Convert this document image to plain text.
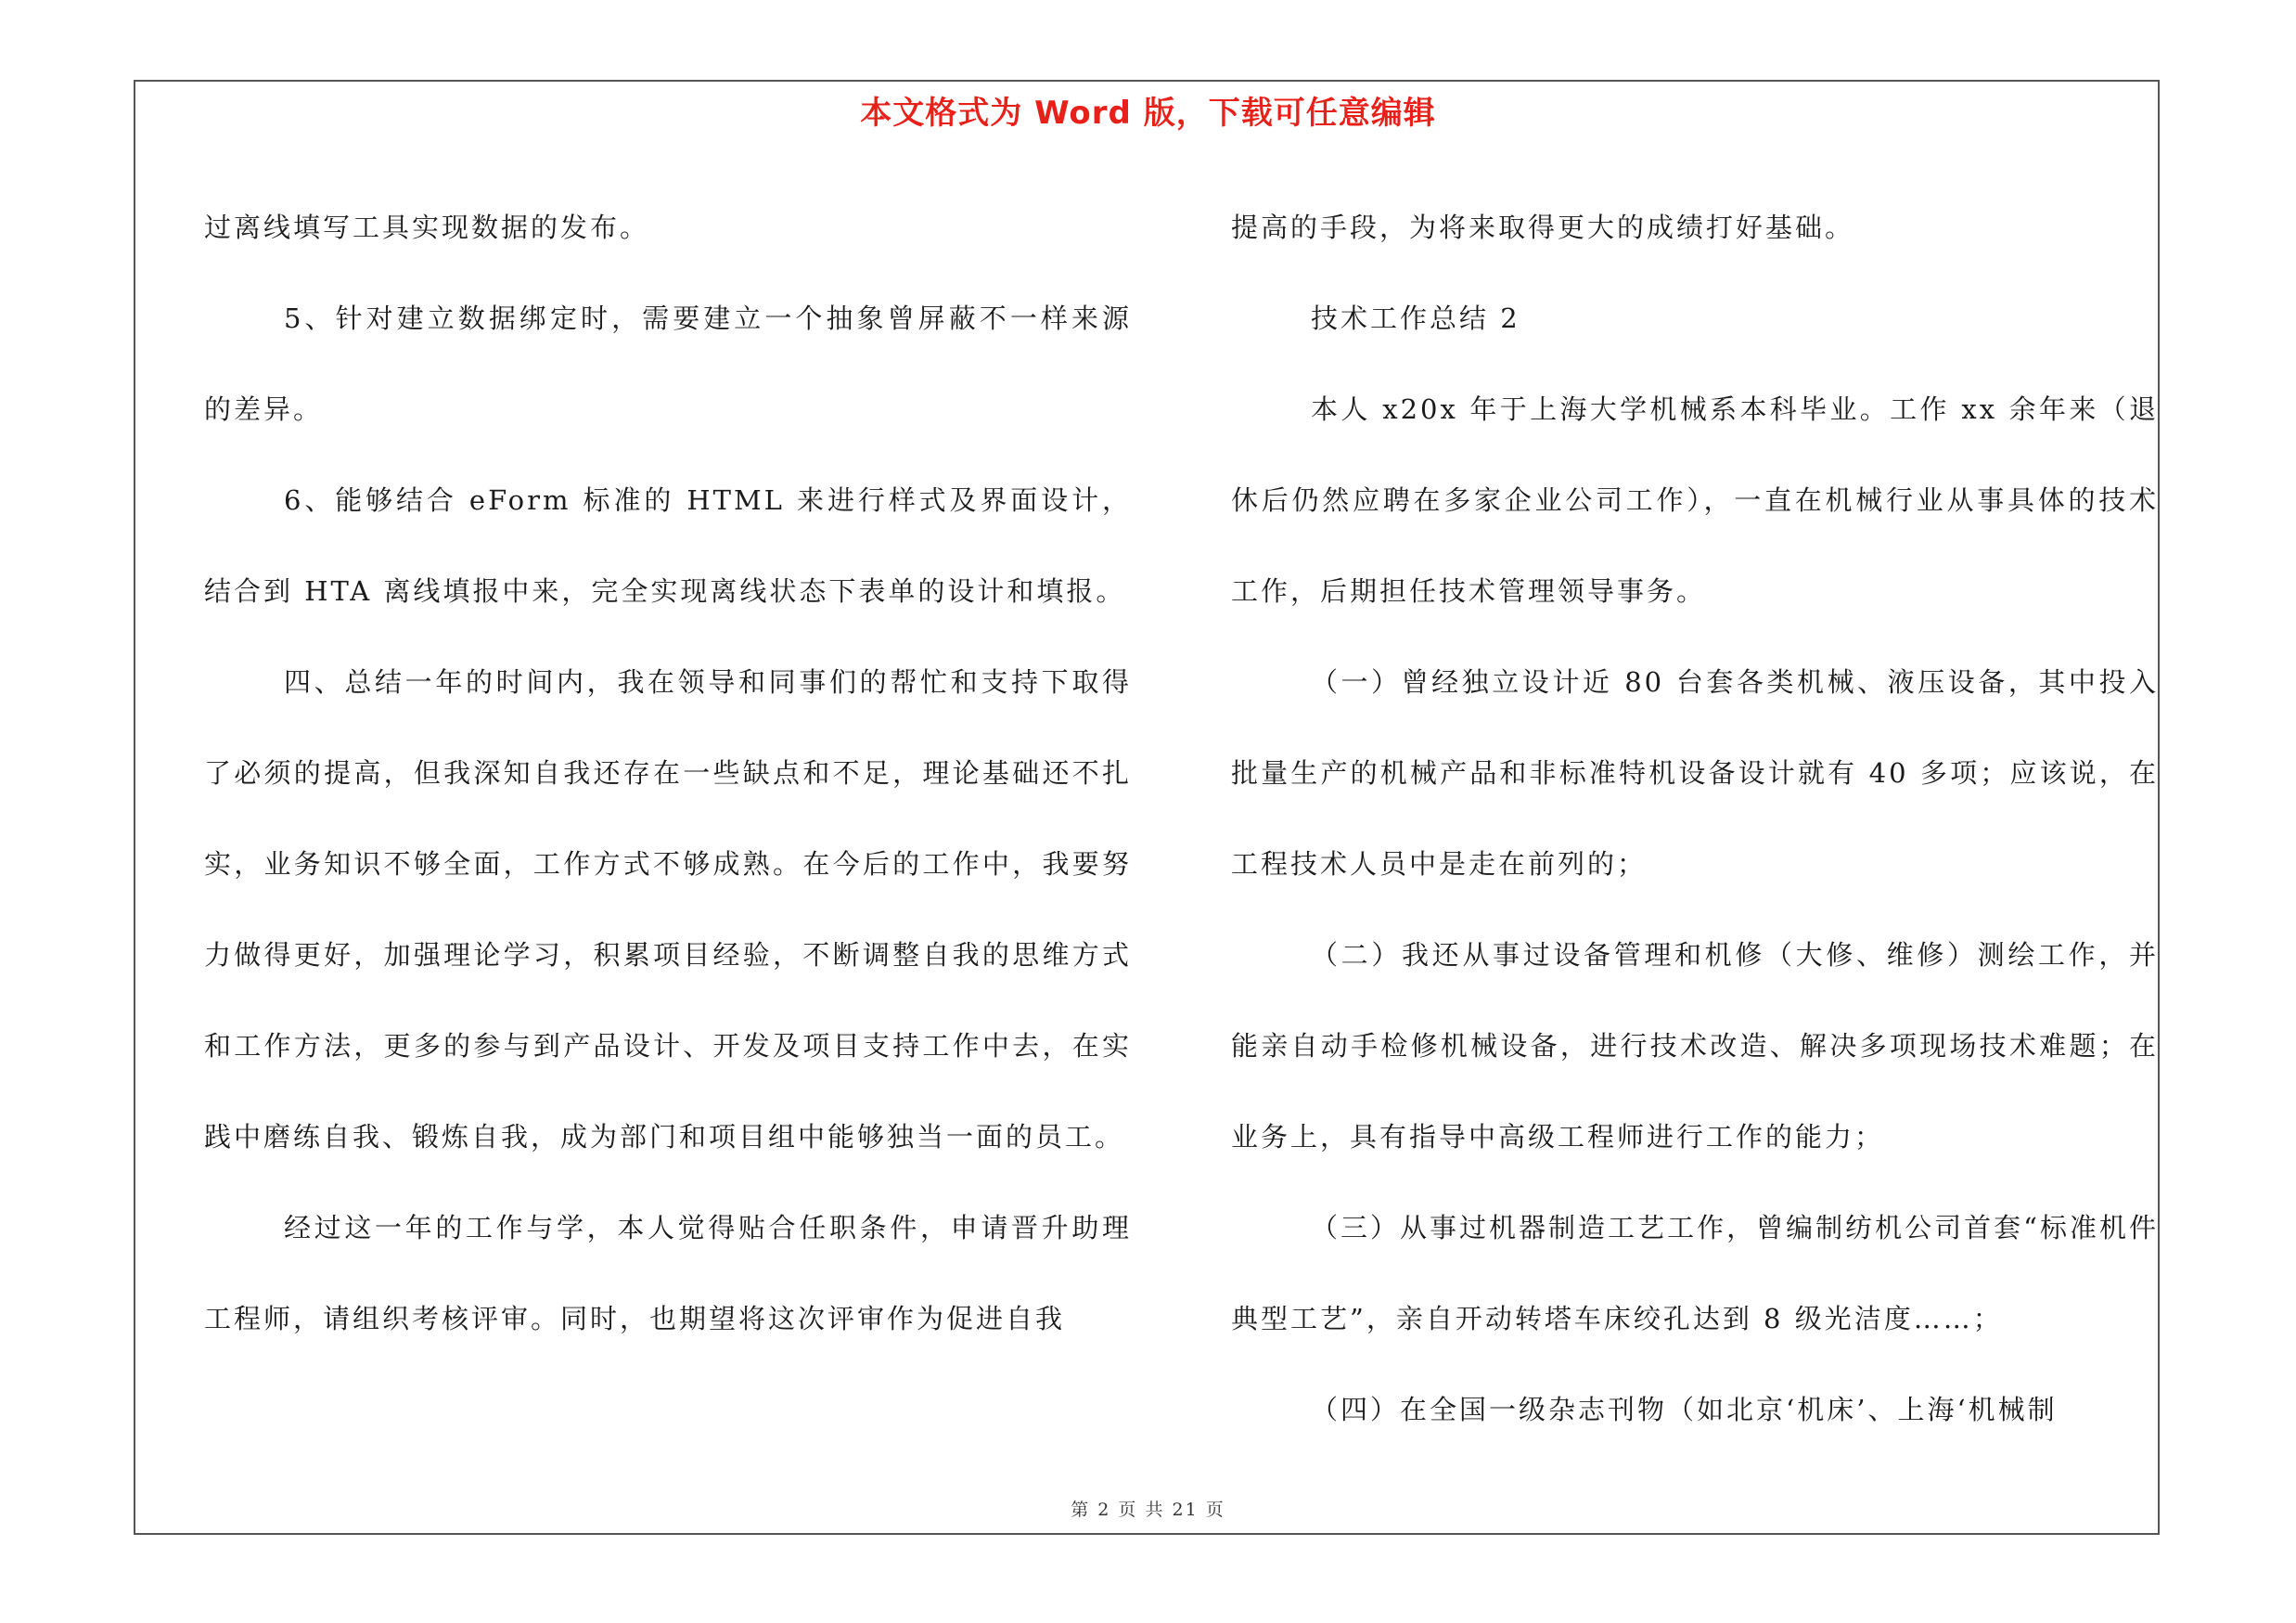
本文格式为 Word 版，下载可任意编辑

过离线填写工具实现数据的发布。

5、针对建立数据绑定时，需要建立一个抽象曾屏蔽不一样来源的差异。

6、能够结合 eForm 标准的 HTML 来进行样式及界面设计，结合到 HTA 离线填报中来，完全实现离线状态下表单的设计和填报。

四、总结一年的时间内，我在领导和同事们的帮忙和支持下取得了必须的提高，但我深知自我还存在一些缺点和不足，理论基础还不扎实，业务知识不够全面，工作方式不够成熟。在今后的工作中，我要努力做得更好，加强理论学习，积累项目经验，不断调整自我的思维方式和工作方法，更多的参与到产品设计、开发及项目支持工作中去，在实践中磨练自我、锻炼自我，成为部门和项目组中能够独当一面的员工。

经过这一年的工作与学，本人觉得贴合任职条件，申请晋升助理工程师，请组织考核评审。同时，也期望将这次评审作为促进自我

提高的手段，为将来取得更大的成绩打好基础。

技术工作总结 2

本人 x20x 年于上海大学机械系本科毕业。工作 xx 余年来（退休后仍然应聘在多家企业公司工作），一直在机械行业从事具体的技术工作，后期担任技术管理领导事务。

（一）曾经独立设计近 80 台套各类机械、液压设备，其中投入批量生产的机械产品和非标准特机设备设计就有 40 多项；应该说，在工程技术人员中是走在前列的；

（二）我还从事过设备管理和机修（大修、维修）测绘工作，并能亲自动手检修机械设备，进行技术改造、解决多项现场技术难题；在业务上，具有指导中高级工程师进行工作的能力；

（三）从事过机器制造工艺工作，曾编制纺机公司首套“标准机件典型工艺”，亲自开动转塔车床绞孔达到 8 级光洁度……；

（四）在全国一级杂志刊物（如北京‘机床’、上海‘机械制

第 2 页 共 21 页
